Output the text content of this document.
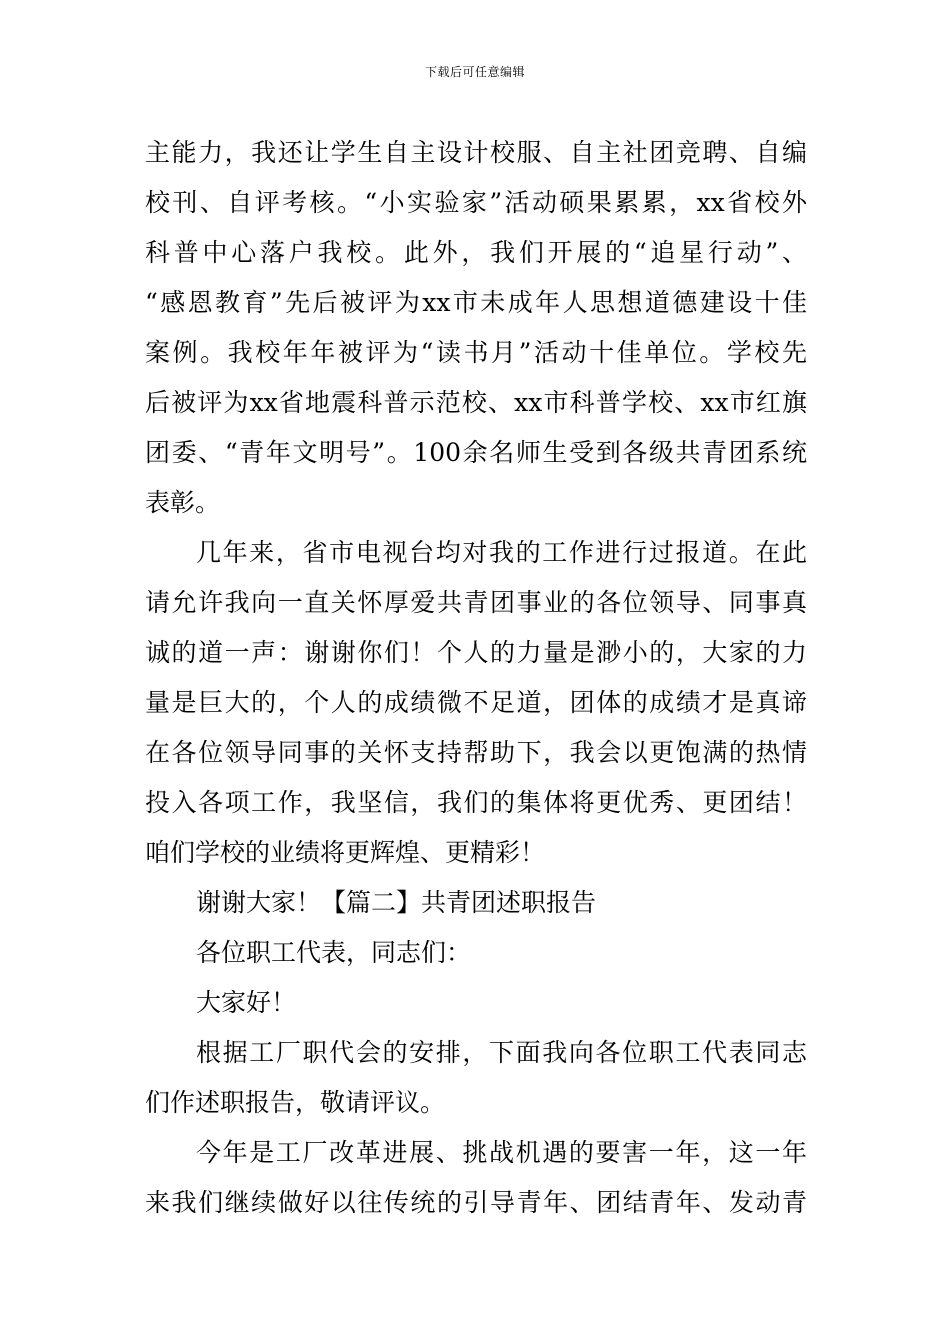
下载后可任意编辑
主能力，我还让学生自主设计校服、自主社团竞聘、自编
校刊、自评考核。“小实验家”活动硕果累累，xx省校外
科普中心落户我校。此外，我们开展的“追星行动”、
“感恩教育”先后被评为xx市未成年人思想道德建设十佳
案例。我校年年被评为“读书月”活动十佳单位。学校先
后被评为xx省地震科普示范校、xx市科普学校、xx市红旗
团委、“青年文明号”。100余名师生受到各级共青团系统
表彰。
几年来，省市电视台均对我的工作进行过报道。在此
请允许我向一直关怀厚爱共青团事业的各位领导、同事真
诚的道一声：谢谢你们！个人的力量是渺小的，大家的力
量是巨大的，个人的成绩微不足道，团体的成绩才是真谛
在各位领导同事的关怀支持帮助下，我会以更饱满的热情
投入各项工作，我坚信，我们的集体将更优秀、更团结！
咱们学校的业绩将更辉煌、更精彩！
谢谢大家！【篇二】共青团述职报告
各位职工代表，同志们：
大家好！
根据工厂职代会的安排，下面我向各位职工代表同志
们作述职报告，敬请评议。
今年是工厂改革进展、挑战机遇的要害一年，这一年
来我们继续做好以往传统的引导青年、团结青年、发动青
